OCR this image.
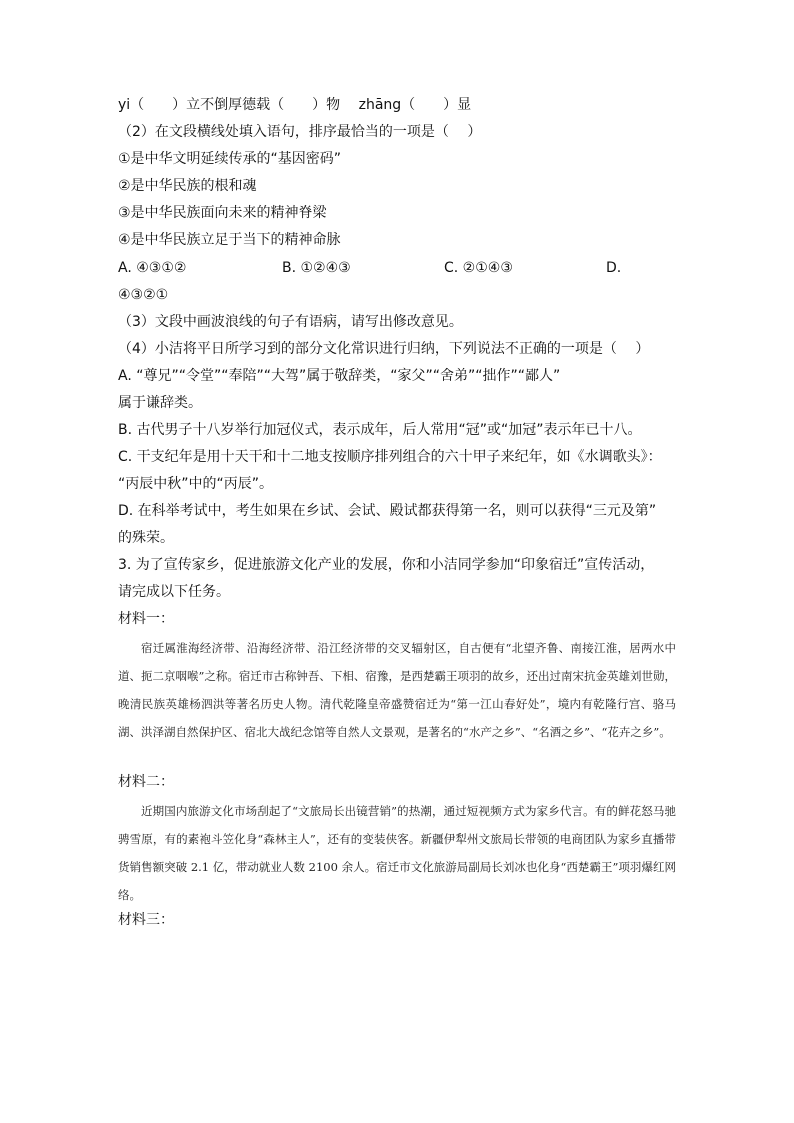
yi（　　）立不倒厚德载（　　）物　 zhāng（　　）显
（2）在文段横线处填入语句，排序最恰当的一项是（　 ）
①是中华文明延续传承的“基因密码”
②是中华民族的根和魂
③是中华民族面向未来的精神脊梁
④是中华民族立足于当下的精神命脉
A. ④③①②	B. ①②④③	C. ②①④③	D.
④③②①
（3）文段中画波浪线的句子有语病，请写出修改意见。
（4）小洁将平日所学习到的部分文化常识进行归纳，下列说法不正确的一项是（　 ）
A. “尊兄”“令堂”“奉陪”“大驾”属于敬辞类，“家父”“舍弟”“拙作”“鄙人”
属于谦辞类。
B. 古代男子十八岁举行加冠仪式，表示成年，后人常用“冠”或“加冠”表示年已十八。
C. 干支纪年是用十天干和十二地支按顺序排列组合的六十甲子来纪年，如《水调歌头》：
“丙辰中秋”中的“丙辰”。
D. 在科举考试中，考生如果在乡试、会试、殿试都获得第一名，则可以获得“三元及第”
的殊荣。
3. 为了宣传家乡，促进旅游文化产业的发展，你和小洁同学参加“印象宿迁”宣传活动，
请完成以下任务。
材料一：
宿迁属淮海经济带、沿海经济带、沿江经济带的交叉辐射区，自古便有“北望齐鲁、南接江淮，居两水中道、扼二京咽喉”之称。宿迁市古称钟吾、下相、宿豫，是西楚霸王项羽的故乡，还出过南宋抗金英雄刘世勋，晚清民族英雄杨泗洪等著名历史人物。清代乾隆皇帝盛赞宿迁为“第一江山春好处”，境内有乾隆行宫、骆马湖、洪泽湖自然保护区、宿北大战纪念馆等自然人文景观，是著名的“水产之乡”、“名酒之乡”、“花卉之乡”。
材料二：
近期国内旅游文化市场刮起了“文旅局长出镜营销”的热潮，通过短视频方式为家乡代言。有的鲜花怒马驰骋雪原，有的素袍斗笠化身“森林主人”，还有的变装侠客。新疆伊犁州文旅局长带领的电商团队为家乡直播带货销售额突破 2.1 亿，带动就业人数 2100 余人。宿迁市文化旅游局副局长刘冰也化身“西楚霸王”项羽爆红网络。
材料三：
